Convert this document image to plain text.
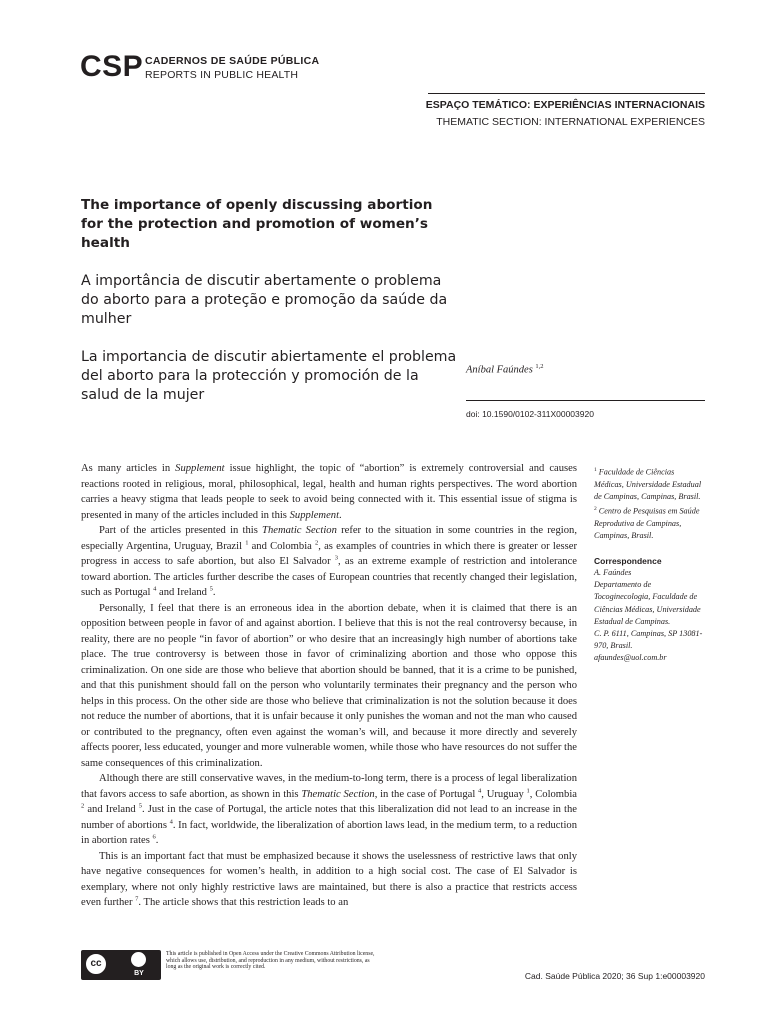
CSP CADERNOS DE SAÚDE PÚBLICA
REPORTS IN PUBLIC HEALTH
ESPAÇO TEMÁTICO: EXPERIÊNCIAS INTERNACIONAIS
THEMATIC SECTION: INTERNATIONAL EXPERIENCES
The importance of openly discussing abortion for the protection and promotion of women’s health
A importância de discutir abertamente o problema do aborto para a proteção e promoção da saúde da mulher
La importancia de discutir abiertamente el problema del aborto para la protección y promoción de la salud de la mujer
Aníbal Faúndes $^{1,2}$
doi: 10.1590/0102-311X00003920

As many articles in Supplement issue highlight, the topic of “abortion” is extremely controversial and causes reactions rooted in religious, moral, philosophical, legal, health and human rights perspectives. The word abortion carries a heavy stigma that leads people to seek to avoid being connected with it. This essential issue of stigma is presented in many of the articles included in this Supplement.

Part of the articles presented in this Thematic Section refer to the situation in some countries in the region, especially Argentina, Uruguay, Brazil $^1$ and Colombia $^2$, as examples of countries in which there is greater or lesser progress in access to safe abortion, but also El Salvador $^3$, as an extreme example of restriction and intolerance toward abortion. The articles further describe the cases of European countries that recently changed their legislation, such as Portugal $^4$ and Ireland $^5$.

Personally, I feel that there is an erroneous idea in the abortion debate, when it is claimed that there is an opposition between people in favor of and against abortion. I believe that this is not the real controversy because, in reality, there are no people “in favor of abortion” or who desire that an increasingly high number of abortions take place. The true controversy is between those in favor of criminalizing abortion and those who oppose this criminalization. On one side are those who believe that abortion should be banned, that it is a crime to be punished, and that this punishment should fall on the person who voluntarily terminates their pregnancy and the person who helps in this process. On the other side are those who believe that criminalization is not the solution because it does not reduce the number of abortions, that it is unfair because it only punishes the woman and not the man who caused or contributed to the pregnancy, often even against the woman’s will, and because it more directly and severely affects poorer, less educated, younger and more vulnerable women, while those who have resources do not suffer the same consequences of this criminalization.

Although there are still conservative waves, in the medium-to-long term, there is a process of legal liberalization that favors access to safe abortion, as shown in this Thematic Section, in the case of Portugal $^4$, Uruguay $^1$, Colombia $^2$ and Ireland $^5$. Just in the case of Portugal, the article notes that this liberalization did not lead to an increase in the number of abortions $^4$. In fact, worldwide, the liberalization of abortion laws lead, in the medium term, to a reduction in abortion rates $^6$.

This is an important fact that must be emphasized because it shows the uselessness of restrictive laws that only have negative consequences for women’s health, in addition to a high social cost. The case of El Salvador is exemplary, where not only highly restrictive laws are maintained, but there is also a practice that restricts access even further $^7$. The article shows that this restriction leads to an

$^1$ Faculdade de Ciências Médicas, Universidade Estadual de Campinas, Campinas, Brasil.

$^2$ Centro de Pesquisas em Saúde Reprodutiva de Campinas, Campinas, Brasil.

Correspondence

A. Faúndes

Departamento de Tocoginecologia, Faculdade de Ciências Médicas, Universidade Estadual de Campinas.

C. P. 6111, Campinas, SP 13081-970, Brasil.

afaundes@uol.com.br

cc
BY
This article is published in Open Access under the Creative Commons Attribution license, which allows use, distribution, and reproduction in any medium, without restrictions, as long as the original work is correctly cited.
Cad. Saúde Pública 2020; 36 Sup 1:e00003920
